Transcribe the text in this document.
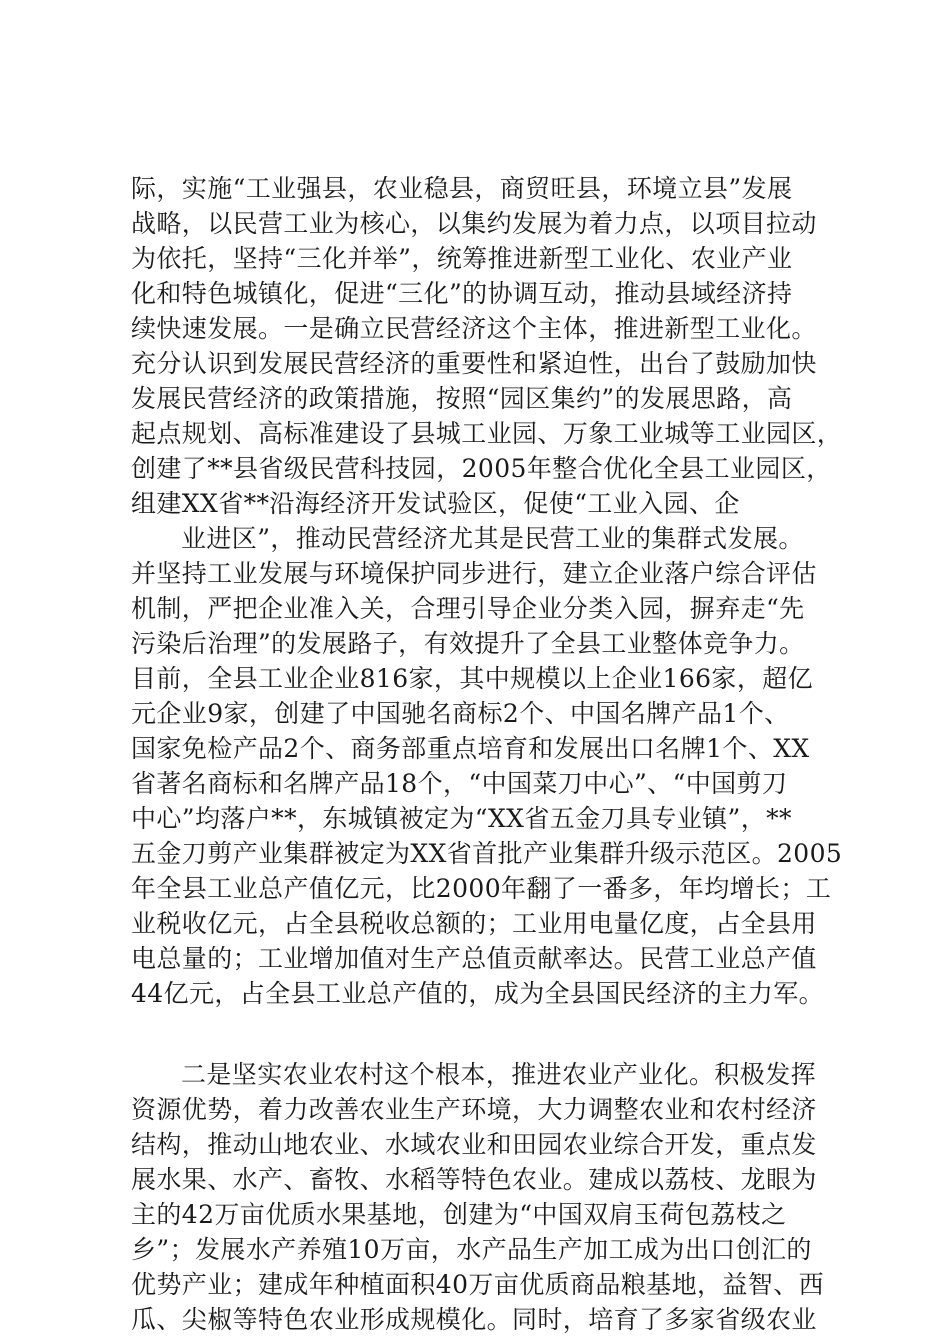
际，实施“工业强县，农业稳县，商贸旺县，环境立县”发展
战略，以民营工业为核心，以集约发展为着力点，以项目拉动
为依托，坚持“三化并举”，统筹推进新型工业化、农业产业
化和特色城镇化，促进“三化”的协调互动，推动县域经济持
续快速发展。一是确立民营经济这个主体，推进新型工业化。
充分认识到发展民营经济的重要性和紧迫性，出台了鼓励加快
发展民营经济的政策措施，按照“园区集约”的发展思路，高
起点规划、高标准建设了县城工业园、万象工业城等工业园区，
创建了**县省级民营科技园，2005年整合优化全县工业园区，
组建XX省**沿海经济开发试验区，促使“工业入园、企
业进区”，推动民营经济尤其是民营工业的集群式发展。
并坚持工业发展与环境保护同步进行，建立企业落户综合评估
机制，严把企业准入关，合理引导企业分类入园，摒弃走“先
污染后治理”的发展路子，有效提升了全县工业整体竞争力。
目前，全县工业企业816家，其中规模以上企业166家，超亿
元企业9家，创建了中国驰名商标2个、中国名牌产品1个、
国家免检产品2个、商务部重点培育和发展出口名牌1个、XX
省著名商标和名牌产品18个，“中国菜刀中心”、“中国剪刀
中心”均落户**，东城镇被定为“XX省五金刀具专业镇”，**
五金刀剪产业集群被定为XX省首批产业集群升级示范区。2005
年全县工业总产值亿元，比2000年翻了一番多，年均增长；工
业税收亿元，占全县税收总额的；工业用电量亿度，占全县用
电总量的；工业增加值对生产总值贡献率达。民营工业总产值
44亿元，占全县工业总产值的，成为全县国民经济的主力军。
二是坚实农业农村这个根本，推进农业产业化。积极发挥
资源优势，着力改善农业生产环境，大力调整农业和农村经济
结构，推动山地农业、水域农业和田园农业综合开发，重点发
展水果、水产、畜牧、水稻等特色农业。建成以荔枝、龙眼为
主的42万亩优质水果基地，创建为“中国双肩玉荷包荔枝之
乡”；发展水产养殖10万亩，水产品生产加工成为出口创汇的
优势产业；建成年种植面积40万亩优质商品粮基地，益智、西
瓜、尖椒等特色农业形成规模化。同时，培育了多家省级农业
